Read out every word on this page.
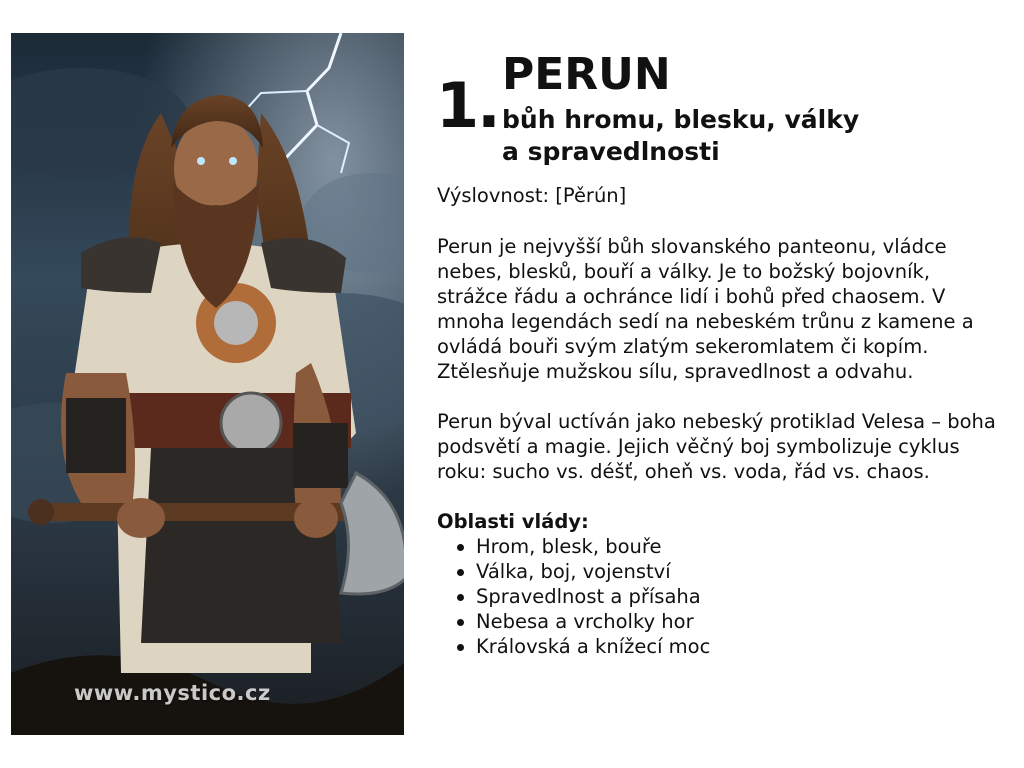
www.mystico.cz
1. PERUN
bůh hromu, blesku, války
a spravedlnosti

Výslovnost: [Pěrún]

Perun je nejvyšší bůh slovanského panteonu, vládce nebes, blesků, bouří a války. Je to božský bojovník, strážce řádu a ochránce lidí i bohů před chaosem. V mnoha legendách sedí na nebeském trůnu z kamene a ovládá bouři svým zlatým sekeromlatem či kopím. Ztělesňuje mužskou sílu, spravedlnost a odvahu.

Perun býval uctíván jako nebeský protiklad Velesa – boha podsvětí a magie. Jejich věčný boj symbolizuje cyklus roku: sucho vs. déšť, oheň vs. voda, řád vs. chaos.

Oblasti vlády:
Hrom, blesk, bouře
Válka, boj, vojenství
Spravedlnost a přísaha
Nebesa a vrcholky hor
Královská a knížecí moc
